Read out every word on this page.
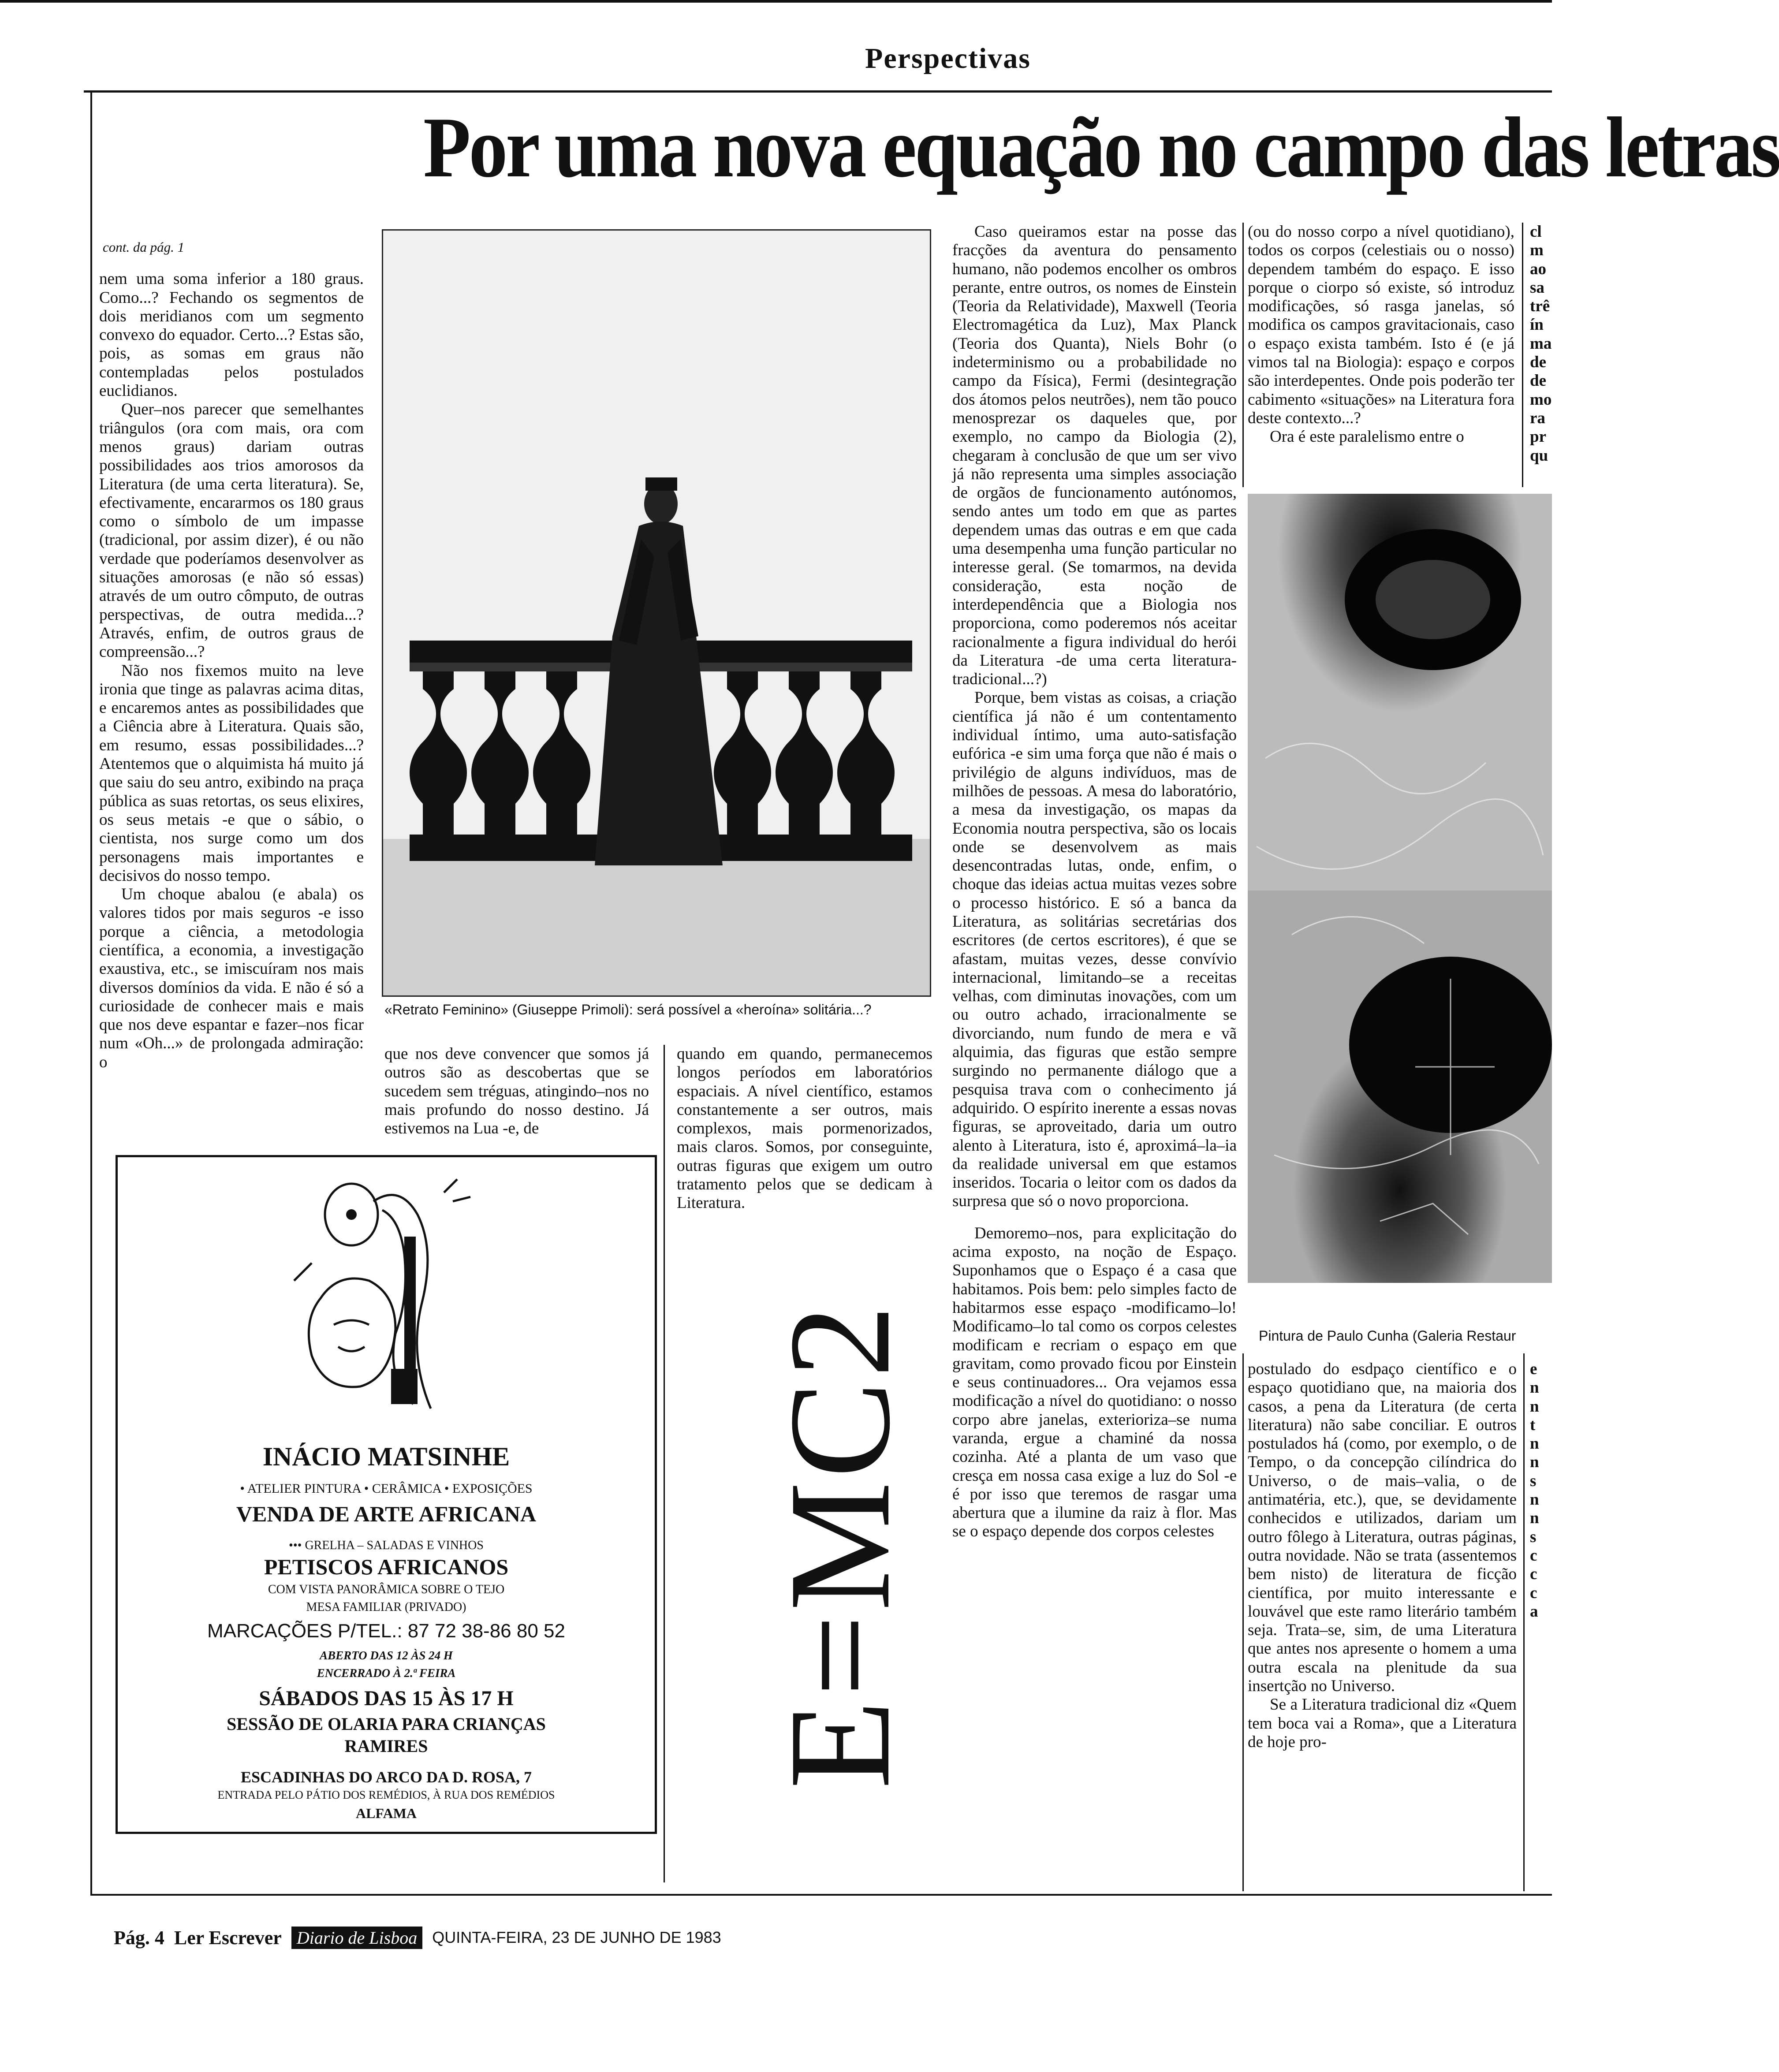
Perspectivas
Por uma nova equação no campo das letras
cont. da pág. 1

nem uma soma inferior a 180 graus. Como...? Fechando os segmentos de dois meridianos com um segmento convexo do equador. Certo...? Estas são, pois, as somas em graus não contempladas pelos postulados euclidianos.

Quer–nos parecer que semelhantes triângulos (ora com mais, ora com menos graus) dariam outras possibilidades aos trios amorosos da Literatura (de uma certa literatura). Se, efectivamente, encararmos os 180 graus como o símbolo de um impasse (tradicional, por assim dizer), é ou não verdade que poderíamos desenvolver as situações amorosas (e não só essas) através de um outro cômputo, de outras perspectivas, de outra medida...? Através, enfim, de outros graus de compreensão...?

Não nos fixemos muito na leve ironia que tinge as palavras acima ditas, e encaremos antes as possibilidades que a Ciência abre à Literatura. Quais são, em resumo, essas possibilidades...? Atentemos que o alquimista há muito já que saiu do seu antro, exibindo na praça pública as suas retortas, os seus elixires, os seus metais -e que o sábio, o cientista, nos surge como um dos personagens mais importantes e decisivos do nosso tempo.

Um choque abalou (e abala) os valores tidos por mais seguros -e isso porque a ciência, a metodologia científica, a economia, a investigação exaustiva, etc., se imiscuíram nos mais diversos domínios da vida. E não é só a curiosidade de conhecer mais e mais que nos deve espantar e fazer–nos ficar num «Oh...» de prolongada admiração: o

«Retrato Feminino» (Giuseppe Primoli): será possível a «heroína» solitária...?

que nos deve convencer que somos já outros são as descobertas que se sucedem sem tréguas, atingindo–nos no mais profundo do nosso destino. Já estivemos na Lua -e, de

quando em quando, permanecemos longos períodos em laboratórios espaciais. A nível científico, estamos constantemente a ser outros, mais complexos, mais pormenorizados, mais claros. Somos, por conseguinte, outras figuras que exigem um outro tratamento pelos que se dedicam à Literatura.

E=MC2

Caso queiramos estar na posse das fracções da aventura do pensamento humano, não podemos encolher os ombros perante, entre outros, os nomes de Einstein (Teoria da Relatividade), Maxwell (Teoria Electromagética da Luz), Max Planck (Teoria dos Quanta), Niels Bohr (o indeterminismo ou a probabilidade no campo da Física), Fermi (desintegração dos átomos pelos neutrões), nem tão pouco menosprezar os daqueles que, por exemplo, no campo da Biologia (2), chegaram à conclusão de que um ser vivo já não representa uma simples associação de orgãos de funcionamento autónomos, sendo antes um todo em que as partes dependem umas das outras e em que cada uma desempenha uma função particular no interesse geral. (Se tomarmos, na devida consideração, esta noção de interdependência que a Biologia nos proporciona, como poderemos nós aceitar racionalmente a figura individual do herói da Literatura -de uma certa literatura- tradicional...?)

Porque, bem vistas as coisas, a criação científica já não é um contentamento individual íntimo, uma auto-satisfação eufórica -e sim uma força que não é mais o privilégio de alguns indivíduos, mas de milhões de pessoas. A mesa do laboratório, a mesa da investigação, os mapas da Economia noutra perspectiva, são os locais onde se desenvolvem as mais desencontradas lutas, onde, enfim, o choque das ideias actua muitas vezes sobre o processo histórico. E só a banca da Literatura, as solitárias secretárias dos escritores (de certos escritores), é que se afastam, muitas vezes, desse convívio internacional, limitando–se a receitas velhas, com diminutas inovações, com um ou outro achado, irracionalmente se divorciando, num fundo de mera e vã alquimia, das figuras que estão sempre surgindo no permanente diálogo que a pesquisa trava com o conhecimento já adquirido. O espírito inerente a essas novas figuras, se aproveitado, daria um outro alento à Literatura, isto é, aproximá–la–ia da realidade universal em que estamos inseridos. Tocaria o leitor com os dados da surpresa que só o novo proporciona.

Demoremo–nos, para explicitação do acima exposto, na noção de Espaço. Suponhamos que o Espaço é a casa que habitamos. Pois bem: pelo simples facto de habitarmos esse espaço -modificamo–lo! Modificamo–lo tal como os corpos celestes modificam e recriam o espaço em que gravitam, como provado ficou por Einstein e seus continuadores... Ora vejamos essa modificação a nível do quotidiano: o nosso corpo abre janelas, exterioriza–se numa varanda, ergue a chaminé da nossa cozinha. Até a planta de um vaso que cresça em nossa casa exige a luz do Sol -e é por isso que teremos de rasgar uma abertura que a ilumine da raiz à flor. Mas se o espaço depende dos corpos celestes

(ou do nosso corpo a nível quotidiano), todos os corpos (celestiais ou o nosso) dependem também do espaço. E isso porque o ciorpo só existe, só introduz modificações, só rasga janelas, só modifica os campos gravitacionais, caso o espaço exista também. Isto é (e já vimos tal na Biologia): espaço e corpos são interdepentes. Onde pois poderão ter cabimento «situações» na Literatura fora deste contexto...?

Ora é este paralelismo entre o

cl
m
ao
sa
trê
ín
ma
de
de
mo
ra
pr
qu
Pintura de Paulo Cunha (Galeria Restaur

postulado do esdpaço científico e o espaço quotidiano que, na maioria dos casos, a pena da Literatura (de certa literatura) não sabe conciliar. E outros postulados há (como, por exemplo, o de Tempo, o da concepção cilíndrica do Universo, o de mais–valia, o de antimatéria, etc.), que, se devidamente conhecidos e utilizados, dariam um outro fôlego à Literatura, outras páginas, outra novidade. Não se trata (assentemos bem nisto) de literatura de ficção científica, por muito interessante e louvável que este ramo literário também seja. Trata–se, sim, de uma Literatura que antes nos apresente o homem a uma outra escala na plenitude da sua insertção no Universo.

Se a Literatura tradicional diz «Quem tem boca vai a Roma», que a Literatura de hoje pro-

e
n
n
t
n
n
s
n
n
s
c
c
c
a
INÁCIO MATSINHE
• ATELIER PINTURA • CERÂMICA • EXPOSIÇÕES
VENDA DE ARTE AFRICANA
••• GRELHA – SALADAS E VINHOS
PETISCOS AFRICANOS
COM VISTA PANORÂMICA SOBRE O TEJO
MESA FAMILIAR (PRIVADO)
MARCAÇÕES P/TEL.: 87 72 38-86 80 52
ABERTO DAS 12 ÀS 24 H
ENCERRADO À 2.ª FEIRA
SÁBADOS DAS 15 ÀS 17 H
SESSÃO DE OLARIA PARA CRIANÇAS
RAMIRES
ESCADINHAS DO ARCO DA D. ROSA, 7
ENTRADA PELO PÁTIO DOS REMÉDIOS, À RUA DOS REMÉDIOS
ALFAMA
Pág. 4 Ler Escrever Diario de Lisboa QUINTA-FEIRA, 23 DE JUNHO DE 1983
